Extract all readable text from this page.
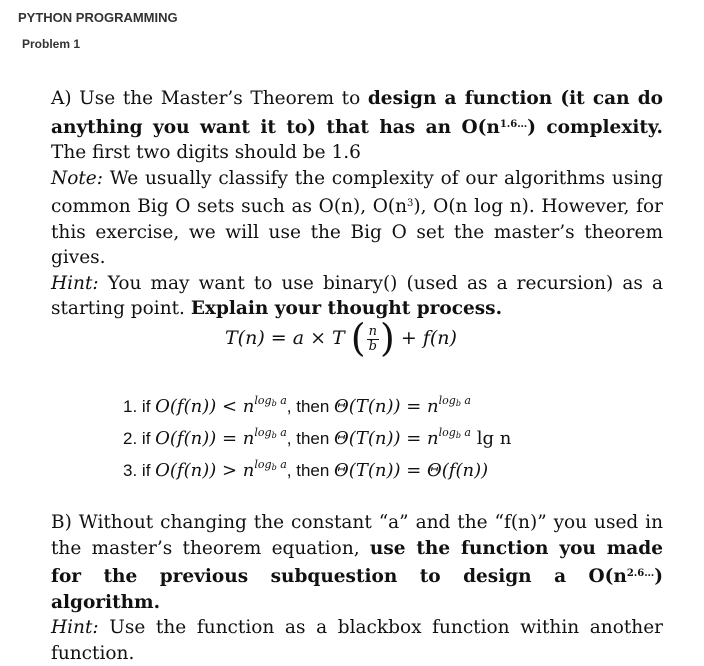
PYTHON PROGRAMMING
Problem 1
A) Use the Master’s Theorem to design a function (it can do anything you want it to) that has an $O(n^{1.6\dots})$ complexity. The first two digits should be 1.6
Note: We usually classify the complexity of our algorithms using common Big O sets such as O(n), $O(n^3)$, O(n log n). However, for this exercise, we will use the Big O set the master’s theorem gives.
Hint: You may want to use binary() (used as a recursion) as a starting point. Explain your thought process.
T(n) = a × T ( $\frac{n}{b}$ ) + f(n)
1. if $O(f(n)) < n^{log_b a}$, then $\Theta(T(n)) = n^{log_b a}$
2. if $O(f(n)) = n^{log_b a}$, then $\Theta(T(n)) = n^{log_b a}$ lg n
3. if $O(f(n)) > n^{log_b a}$, then Θ(T(n)) = Θ(f(n))
B) Without changing the constant “a” and the “f(n)” you used in the master’s theorem equation, use the function you made for the previous subquestion to design a $O(n^{2.6\dots})$ algorithm.
Hint: Use the function as a blackbox function within another function.
